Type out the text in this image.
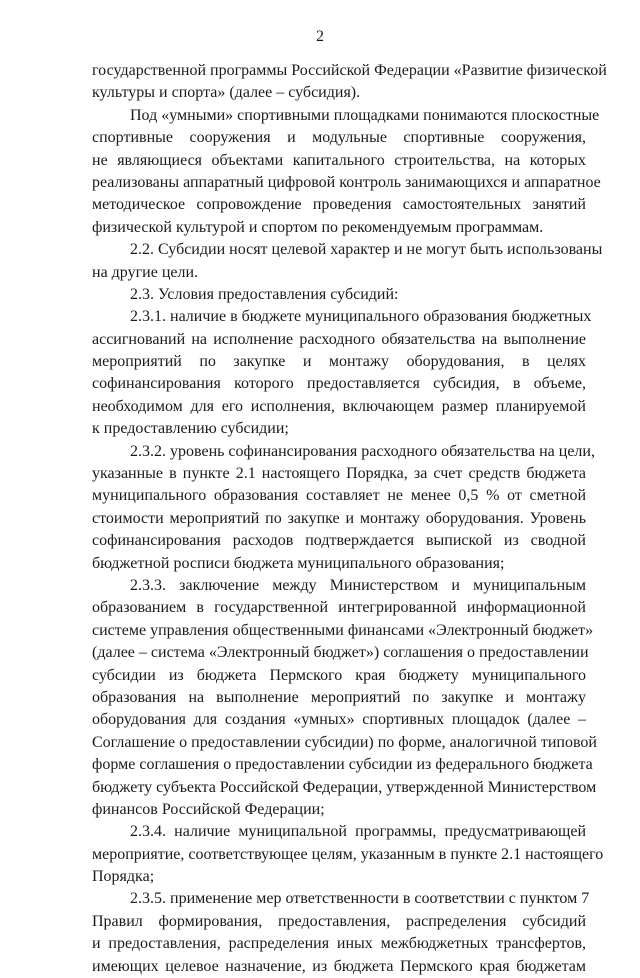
2
государственной программы Российской Федерации «Развитие физической
культуры и спорта» (далее – субсидия).
Под «умными» спортивными площадками понимаются плоскостные
спортивные сооружения и модульные спортивные сооружения,
не являющиеся объектами капитального строительства, на которых
реализованы аппаратный цифровой контроль занимающихся и аппаратное
методическое сопровождение проведения самостоятельных занятий
физической культурой и спортом по рекомендуемым программам.
2.2. Субсидии носят целевой характер и не могут быть использованы
на другие цели.
2.3. Условия предоставления субсидий:
2.3.1. наличие в бюджете муниципального образования бюджетных
ассигнований на исполнение расходного обязательства на выполнение
мероприятий по закупке и монтажу оборудования, в целях
софинансирования которого предоставляется субсидия, в объеме,
необходимом для его исполнения, включающем размер планируемой
к предоставлению субсидии;
2.3.2. уровень софинансирования расходного обязательства на цели,
указанные в пункте 2.1 настоящего Порядка, за счет средств бюджета
муниципального образования составляет не менее 0,5 % от сметной
стоимости мероприятий по закупке и монтажу оборудования. Уровень
софинансирования расходов подтверждается выпиской из сводной
бюджетной росписи бюджета муниципального образования;
2.3.3. заключение между Министерством и муниципальным
образованием в государственной интегрированной информационной
системе управления общественными финансами «Электронный бюджет»
(далее – система «Электронный бюджет») соглашения о предоставлении
субсидии из бюджета Пермского края бюджету муниципального
образования на выполнение мероприятий по закупке и монтажу
оборудования для создания «умных» спортивных площадок (далее –
Соглашение о предоставлении субсидии) по форме, аналогичной типовой
форме соглашения о предоставлении субсидии из федерального бюджета
бюджету субъекта Российской Федерации, утвержденной Министерством
финансов Российской Федерации;
2.3.4. наличие муниципальной программы, предусматривающей
мероприятие, соответствующее целям, указанным в пункте 2.1 настоящего
Порядка;
2.3.5. применение мер ответственности в соответствии с пунктом 7
Правил формирования, предоставления, распределения субсидий
и предоставления, распределения иных межбюджетных трансфертов,
имеющих целевое назначение, из бюджета Пермского края бюджетам
